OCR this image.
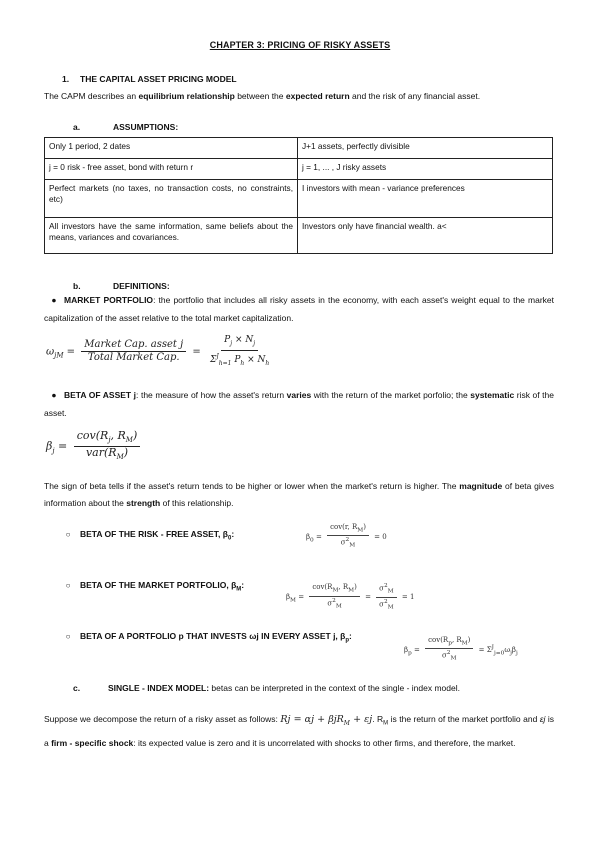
CHAPTER 3: PRICING OF RISKY ASSETS
1. THE CAPITAL ASSET PRICING MODEL
The CAPM describes an equilibrium relationship between the expected return and the risk of any financial asset.
a.	ASSUMPTIONS:
Only 1 period, 2 dates	J+1 assets, perfectly divisible
j = 0 risk - free asset, bond with return r	j = 1, ... , J risky assets
Perfect markets (no taxes, no transaction costs, no constraints, etc)	I investors with mean - variance preferences
All investors have the same information, same beliefs about the means, variances and covariances.	Investors only have financial wealth. a<
b.	DEFINITIONS:
● MARKET PORTFOLIO: the portfolio that includes all risky assets in the economy, with each asset's weight equal to the market capitalization of the asset relative to the total market capitalization.
$\omega_{jM} = \frac{\text{Market Cap. asset j}}{\text{Total Market Cap.}} = \frac{P_j \times N_j}{\Sigma^J_{h=1} P_h \times N_h}$
● BETA OF ASSET j: the measure of how the asset's return varies with the return of the market porfolio; the systematic risk of the asset.
$\beta_j = \frac{cov(R_j, R_M)}{var(R_M)}$
The sign of beta tells if the asset's return tends to be higher or lower when the market's return is higher. The magnitude of beta gives information about the strength of this relationship.
○ BETA OF THE RISK - FREE ASSET, $\beta_0$:	$\beta_0 = \frac{cov(r, R_M)}{\sigma^2_M} = 0$
○ BETA OF THE MARKET PORTFOLIO, $\beta_M$:
$\beta_M = \frac{cov(R_M, R_M)}{\sigma^2_M} = \frac{\sigma^2_M}{\sigma^2_M} = 1$
○ BETA OF A PORTFOLIO p THAT INVESTS ωj IN EVERY ASSET j, $\beta_p$:
$\beta_p = \frac{cov(R_p, R_M)}{\sigma^2_M} = \Sigma^J_{j=0}\omega_j\beta_j$
c.	SINGLE - INDEX MODEL: betas can be interpreted in the context of the single - index model.
Suppose we decompose the return of a risky asset as follows: Rj = αj + βjR$_M$ + εj. $R_M$ is the return of the market portfolio and εj is a firm - specific shock: its expected value is zero and it is uncorrelated with shocks to other firms, and therefore, the market.
